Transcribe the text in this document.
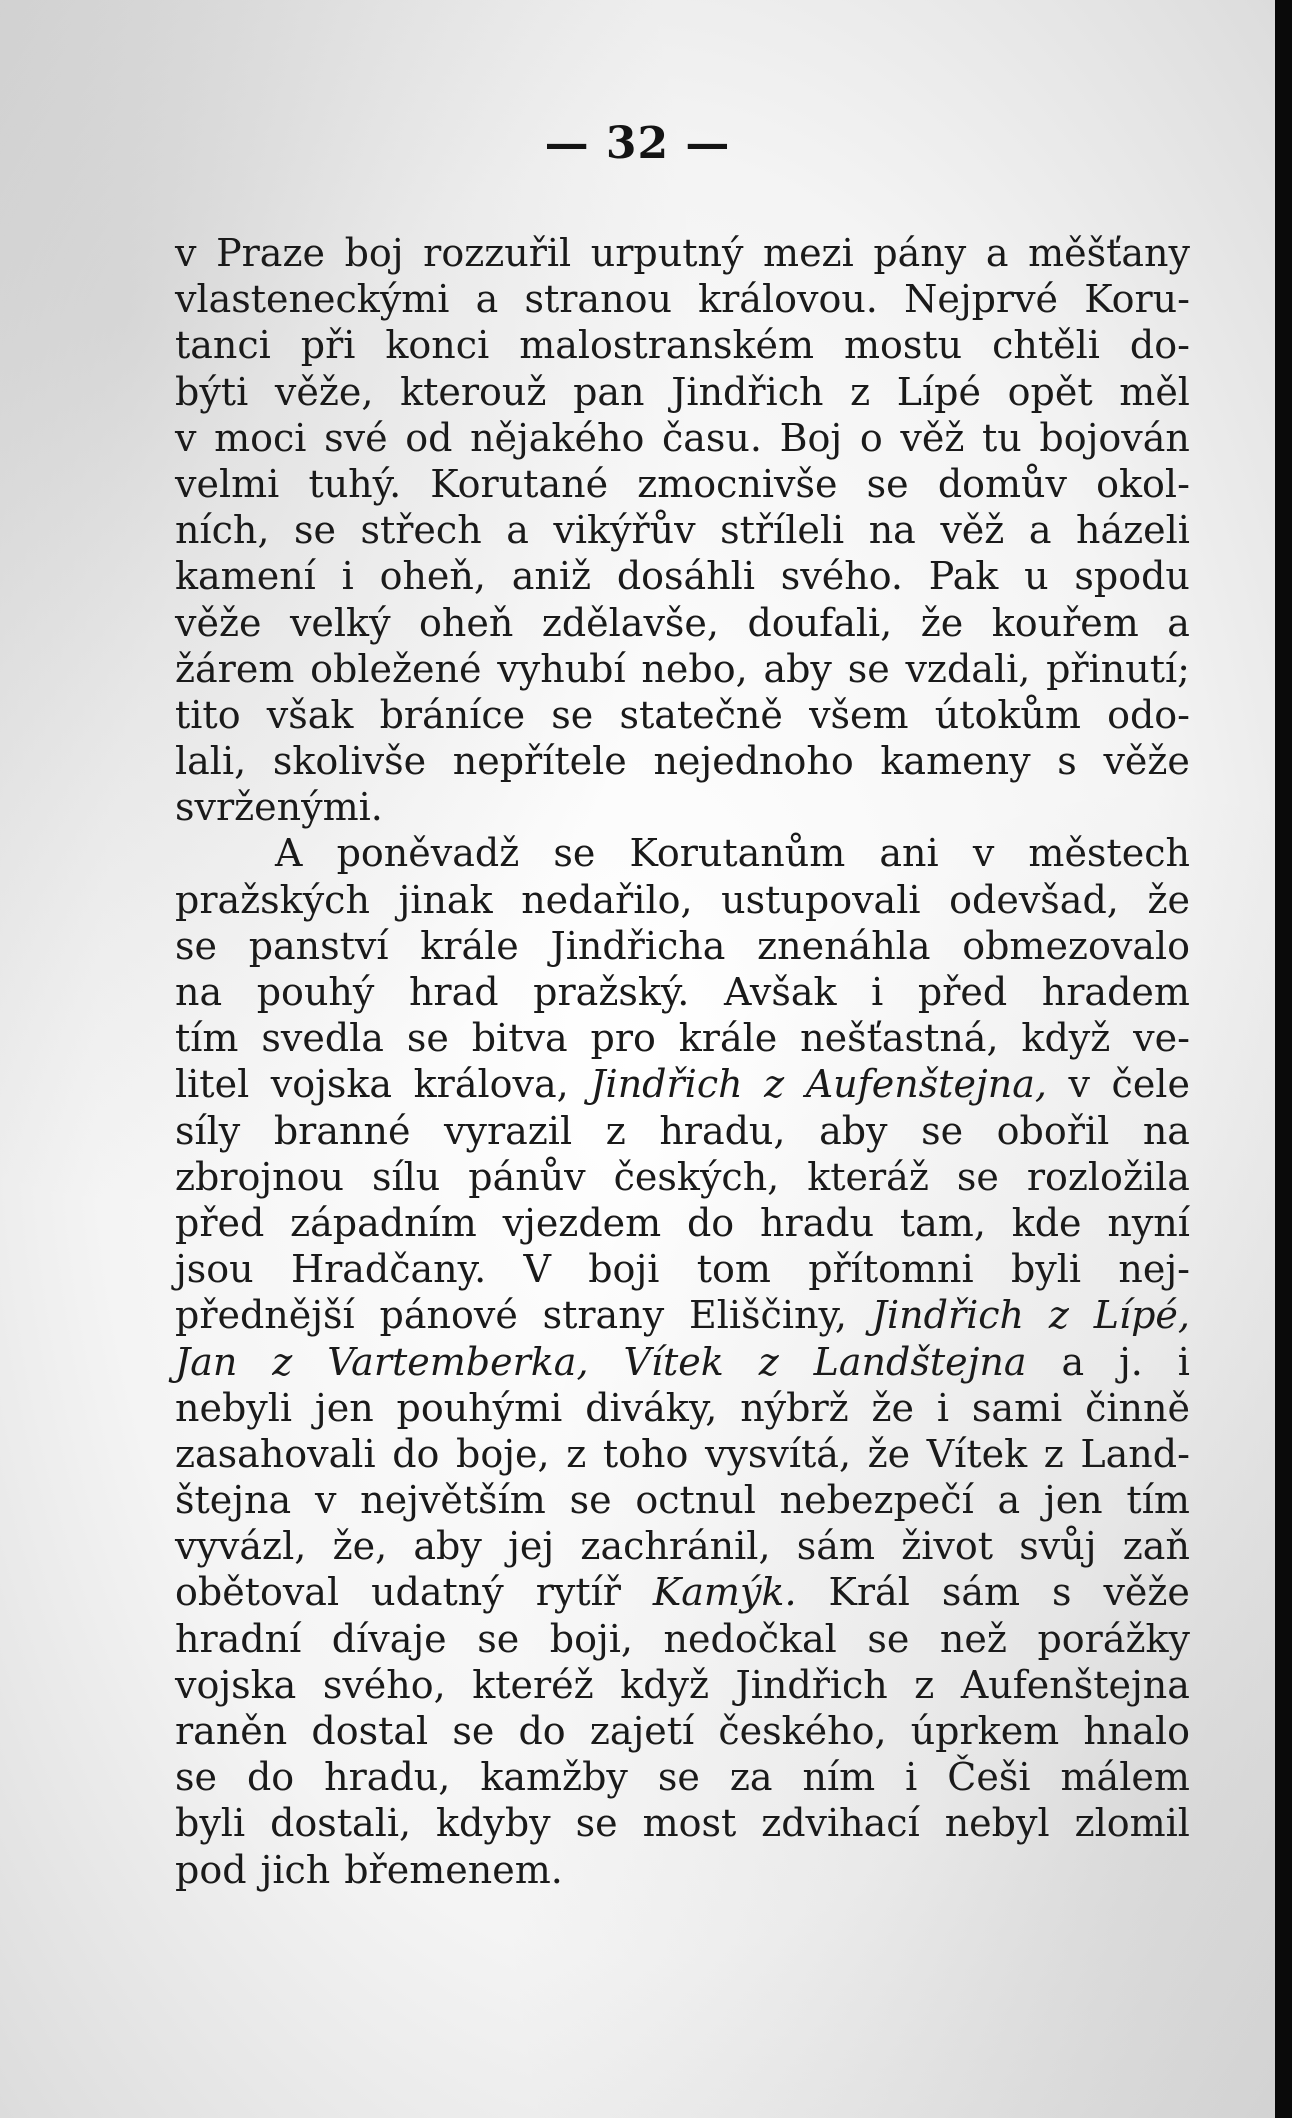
— 32 —
v Praze boj rozzuřil urputný mezi pány a měšťany
vlasteneckými a stranou královou. Nejprvé Koru-
tanci při konci malostranském mostu chtěli do-
býti věže, kterouž pan Jindřich z Lípé opět měl
v moci své od nějakého času. Boj o věž tu bojován
velmi tuhý. Korutané zmocnivše se domův okol-
ních, se střech a vikýřův stříleli na věž a házeli
kamení i oheň, aniž dosáhli svého. Pak u spodu
věže velký oheň zdělavše, doufali, že kouřem a
žárem obležené vyhubí nebo, aby se vzdali, přinutí;
tito však bráníce se statečně všem útokům odo-
lali, skolivše nepřítele nejednoho kameny s věže
svrženými.
A poněvadž se Korutanům ani v městech
pražských jinak nedařilo, ustupovali odevšad, že
se panství krále Jindřicha znenáhla obmezovalo
na pouhý hrad pražský. Avšak i před hradem
tím svedla se bitva pro krále nešťastná, když ve-
litel vojska králova, Jindřich z Aufenštejna, v čele
síly branné vyrazil z hradu, aby se obořil na
zbrojnou sílu pánův českých, kteráž se rozložila
před západním vjezdem do hradu tam, kde nyní
jsou Hradčany. V boji tom přítomni byli nej-
přednější pánové strany Eliščiny, Jindřich z Lípé,
Jan z Vartemberka, Vítek z Landštejna a j. i
nebyli jen pouhými diváky, nýbrž že i sami činně
zasahovali do boje, z toho vysvítá, že Vítek z Land-
štejna v největším se octnul nebezpečí a jen tím
vyvázl, že, aby jej zachránil, sám život svůj zaň
obětoval udatný rytíř Kamýk. Král sám s věže
hradní dívaje se boji, nedočkal se než porážky
vojska svého, kteréž když Jindřich z Aufenštejna
raněn dostal se do zajetí českého, úprkem hnalo
se do hradu, kamžby se za ním i Češi málem
byli dostali, kdyby se most zdvihací nebyl zlomil
pod jich břemenem.
